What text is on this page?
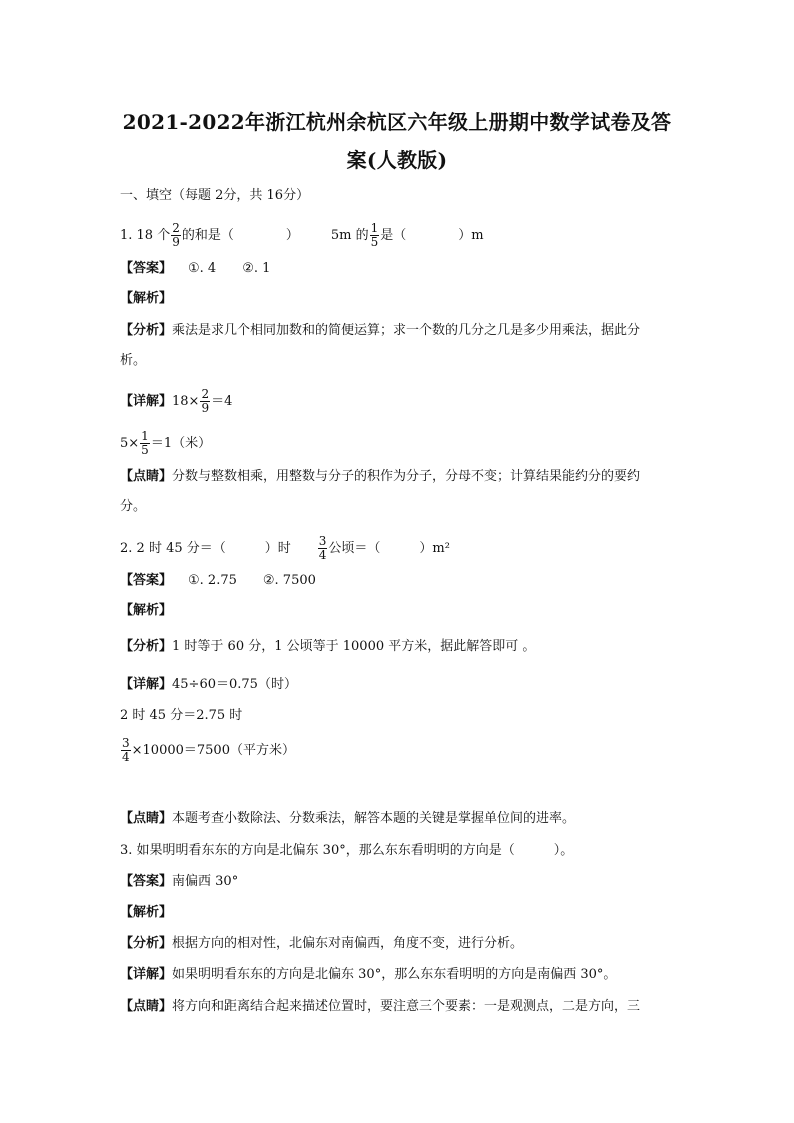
2021-2022年浙江杭州余杭区六年级上册期中数学试卷及答
案(人教版)
一、填空（每题 2分，共 16分）
1. 18 个 $\frac{2}{9}$ 的和是（　　　　） 5m 的 $\frac{1}{5}$ 是（　　　　）m
【答案】 ①. 4　　②. 1
【解析】
【分析】乘法是求几个相同加数和的简便运算；求一个数的几分之几是多少用乘法，据此分
析。
【详解】$18\times \frac{2}{9} =4$
$5\times \frac{1}{5} =1$（米）
【点睛】分数与整数相乘，用整数与分子的积作为分子，分母不变；计算结果能约分的要约
分。
2. 2 时 45 分＝（　　　）时 $\frac{3}{4}$ 公顷＝（　　　）m²
【答案】 ①. 2.75　　②. 7500
【解析】
【分析】1 时等于 60 分，1 公顷等于 10000 平方米，据此解答即可 。
【详解】45÷60＝0.75（时）
2 时 45 分＝2.75 时
$\frac{3}{4} \times 10000=7500$（平方米）
【点睛】本题考查小数除法、分数乘法，解答本题的关键是掌握单位间的进率。
3. 如果明明看东东的方向是北偏东 30°，那么东东看明明的方向是（　　　）。
【答案】南偏西 30°
【解析】
【分析】根据方向的相对性，北偏东对南偏西，角度不变，进行分析。
【详解】如果明明看东东的方向是北偏东 30°，那么东东看明明的方向是南偏西 30°。
【点睛】将方向和距离结合起来描述位置时，要注意三个要素：一是观测点，二是方向，三
